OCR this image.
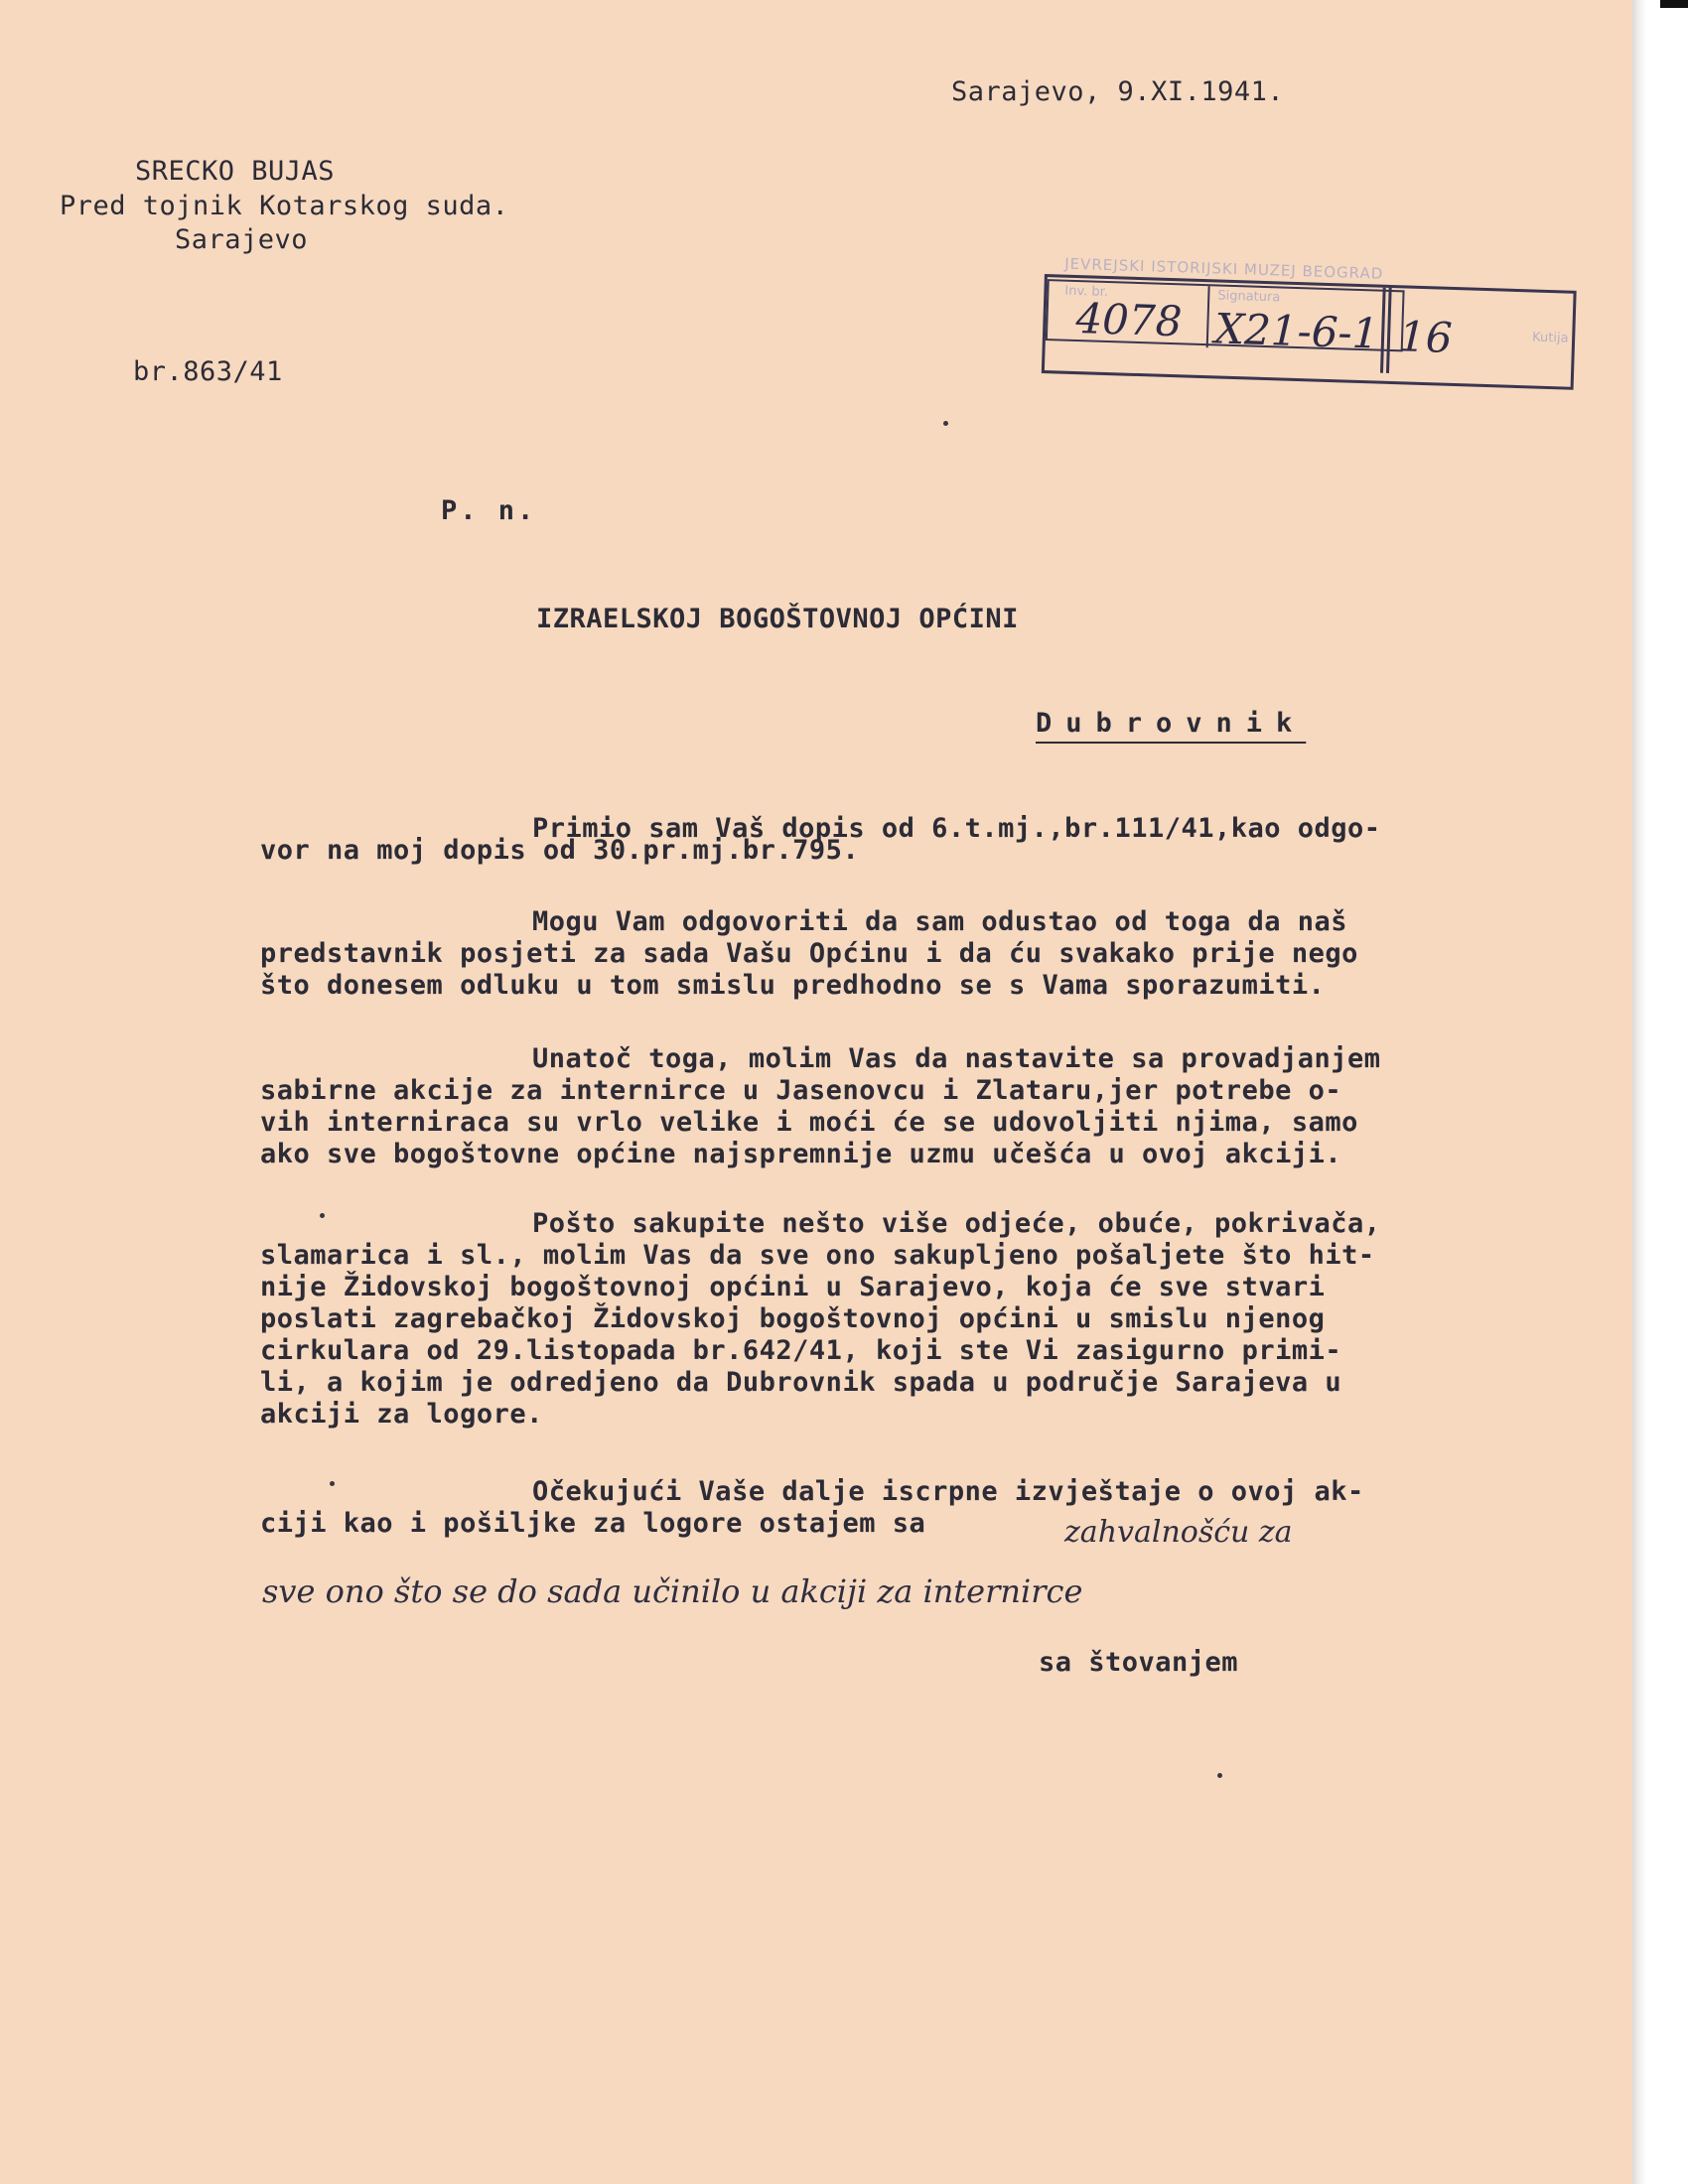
Sarajevo, 9.XI.1941.
SRECKO BUJAS
Pred tojnik Kotarskog suda.
Sarajevo
br.863/41
JEVREJSKI ISTORIJSKI MUZEJ BEOGRAD
Inv. br.	Signatura
Kutija
4078 X21-6-1 16
P. n.
IZRAELSKOJ BOGOŠTOVNOJ OPĆINI
Dubrovnik
Primio sam Vaš dopis od 6.t.mj.,br.111/41,kao odgo-
vor na moj dopis od 30.pr.mj.br.795.
Mogu Vam odgovoriti da sam odustao od toga da naš
predstavnik posjeti za sada Vašu Općinu i da ću svakako prije nego
što donesem odluku u tom smislu predhodno se s Vama sporazumiti.
Unatoč toga, molim Vas da nastavite sa provadjanjem
sabirne akcije za internirce u Jasenovcu i Zlataru,jer potrebe o-
vih interniraca su vrlo velike i moći će se udovoljiti njima, samo
ako sve bogoštovne općine najspremnije uzmu učešća u ovoj akciji.
Pošto sakupite nešto više odjeće, obuće, pokrivača,
slamarica i sl., molim Vas da sve ono sakupljeno pošaljete što hit-
nije Židovskoj bogoštovnoj općini u Sarajevo, koja će sve stvari
poslati zagrebačkoj Židovskoj bogoštovnoj općini u smislu njenog
cirkulara od 29.listopada br.642/41, koji ste Vi zasigurno primi-
li, a kojim je odredjeno da Dubrovnik spada u područje Sarajeva u
akciji za logore.
Očekujući Vaše dalje iscrpne izvještaje o ovoj ak-
ciji kao i pošiljke za logore ostajem sa	zahvalnošću za
sve ono što se do sada učinilo u akciji za internirce
sa štovanjem
